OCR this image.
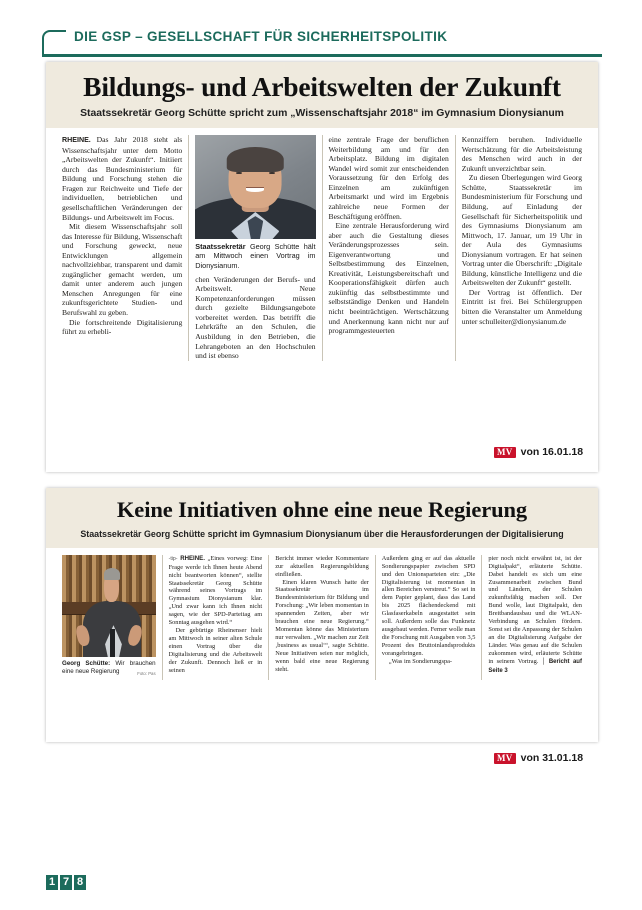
DIE GSP – GESELLSCHAFT FÜR SICHERHEITSPOLITIK
Bildungs- und Arbeitswelten der Zukunft
Staatssekretär Georg Schütte spricht zum „Wissenschaftsjahr 2018“ im Gymnasium Dionysianum

RHEINE. Das Jahr 2018 steht als Wissenschaftsjahr unter dem Motto „Arbeitswelten der Zukunft“. Initiiert durch das Bundesministerium für Bildung und Forschung stehen die Fragen zur Reichweite und Tiefe der individuellen, betrieblichen und gesellschaftlichen Veränderungen der Bildungs- und Arbeitswelt im Focus.

Mit diesem Wissenschaftsjahr soll das Interesse für Bildung, Wissenschaft und Forschung geweckt, neue Entwicklungen allgemein nachvollziehbar, transparent und damit zugänglicher gemacht werden, um damit unter anderem auch jungen Menschen Anregungen für eine zukunftsgerichtete Studien- und Berufswahl zu geben.

Die fortschreitende Digitalisierung führt zu erhebli-

Staatssekretär Georg Schütte hält am Mittwoch einen Vortrag im Dionysianum.

chen Veränderungen der Berufs- und Arbeitswelt. Neue Kompetenzanforderungen müssen durch gezielte Bildungsangebote vorbereitet werden. Das betrifft die Lehrkräfte an den Schulen, die Ausbildung in den Betrieben, die Lehrangeboten an den Hochschulen und ist ebenso

eine zentrale Frage der beruflichen Weiterbildung am und für den Arbeitsplatz. Bildung im digitalen Wandel wird somit zur entscheidenden Voraussetzung für den Erfolg des Einzelnen am zukünftigen Arbeitsmarkt und wird im Ergebnis zahlreiche neue Formen der Beschäftigung eröffnen.

Eine zentrale Herausforderung wird aber auch die Gestaltung dieses Veränderungsprozesses sein. Eigenverantwortung und Selbstbestimmung des Einzelnen, Kreativität, Leistungsbereitschaft und Kooperationsfähigkeit dürfen auch zukünftig das selbstbestimmte und selbstständige Denken und Handeln nicht beeinträchtigen. Wertschätzung und Anerkennung kann nicht nur auf programmgesteuerten

Kennziffern beruhen. Individuelle Wertschätzung für die Arbeitsleistung des Menschen wird auch in der Zukunft unverzichtbar sein.

Zu diesen Überlegungen wird Georg Schütte, Staatssekretär im Bundesministerium für Forschung und Bildung, auf Einladung der Gesellschaft für Sicherheitspolitik und des Gymnasiums Dionysianum am Mittwoch, 17. Januar, um 19 Uhr in der Aula des Gymnasiums Dionysianum vortragen. Er hat seinen Vortrag unter die Überschrift: „Digitale Bildung, künstliche Intelligenz und die Arbeitswelten der Zukunft“ gestellt.

Der Vortrag ist öffentlich. Der Eintritt ist frei. Bei Schülergruppen bitten die Veranstalter um Anmeldung unter schulleiter@dionysianum.de

MV von 16.01.18
Keine Initiativen ohne eine neue Regierung
Staatssekretär Georg Schütte spricht im Gymnasium Dionysianum über die Herausforderungen der Digitalisierung
Georg Schütte: Wir brauchen eine neue Regierung	Foto: Pas

-tip- RHEINE. „Eines vorweg: Eine Frage werde ich Ihnen heute Abend nicht beantworten können“, stellte Staatssekretär Georg Schütte während seines Vortrags im Gymnasium Dionysianum klar. „Und zwar kann ich Ihnen nicht sagen, wie der SPD-Parteitag am Sonntag ausgehen wird.“

Der gebürtige Rheinenser hielt am Mittwoch in seiner alten Schule einen Vortrag über die Digitalisierung und die Arbeitswelt der Zukunft. Dennoch ließ er in seinen

Bericht immer wieder Kommentare zur aktuellen Regierungsbildung einfließen.

Einen klaren Wunsch hatte der Staatssekretär im Bundesministerium für Bildung und Forschung: „Wir leben momentan in spannenden Zeiten, aber wir brauchen eine neue Regierung.“ Momentan könne das Ministerium nur verwalten. „Wir machen zur Zeit ‚business as usual‘“, sagte Schütte. Neue Initiativen seien nur möglich, wenn bald eine neue Regierung steht.

Außerdem ging er auf das aktuelle Sondierungspapier zwischen SPD und den Unionsparteien ein: „Die Digitalisierung ist momentan in allen Bereichen verstreut.“ So sei in dem Papier geplant, dass das Land bis 2025 flächendeckend mit Glasfaserkabeln ausgestattet sein soll. Außerdem solle das Funknetz ausgebaut werden. Ferner wolle man die Forschung mit Ausgaben von 3,5 Prozent des Bruttoinlandsprodukts vorangebringen.

„Was im Sondierungspa-

pier noch nicht erwähnt ist, ist der Digitalpakt“, erläuterte Schütte. Dabei handelt es sich um eine Zusammenarbeit zwischen Bund und Ländern, der Schulen zukunftsfähig machen soll. Der Bund wolle, laut Digitalpakt, den Breitbandausbau und die WLAN-Verbindung an Schulen fördern. Sonst sei die Anpassung der Schulen an die Digitalisierung Aufgabe der Länder. Was genau auf die Schulen zukommen wird, erläuterte Schütte in seinem Vortrag. │ Bericht auf Seite 3

MV von 31.01.18
1 7 8
